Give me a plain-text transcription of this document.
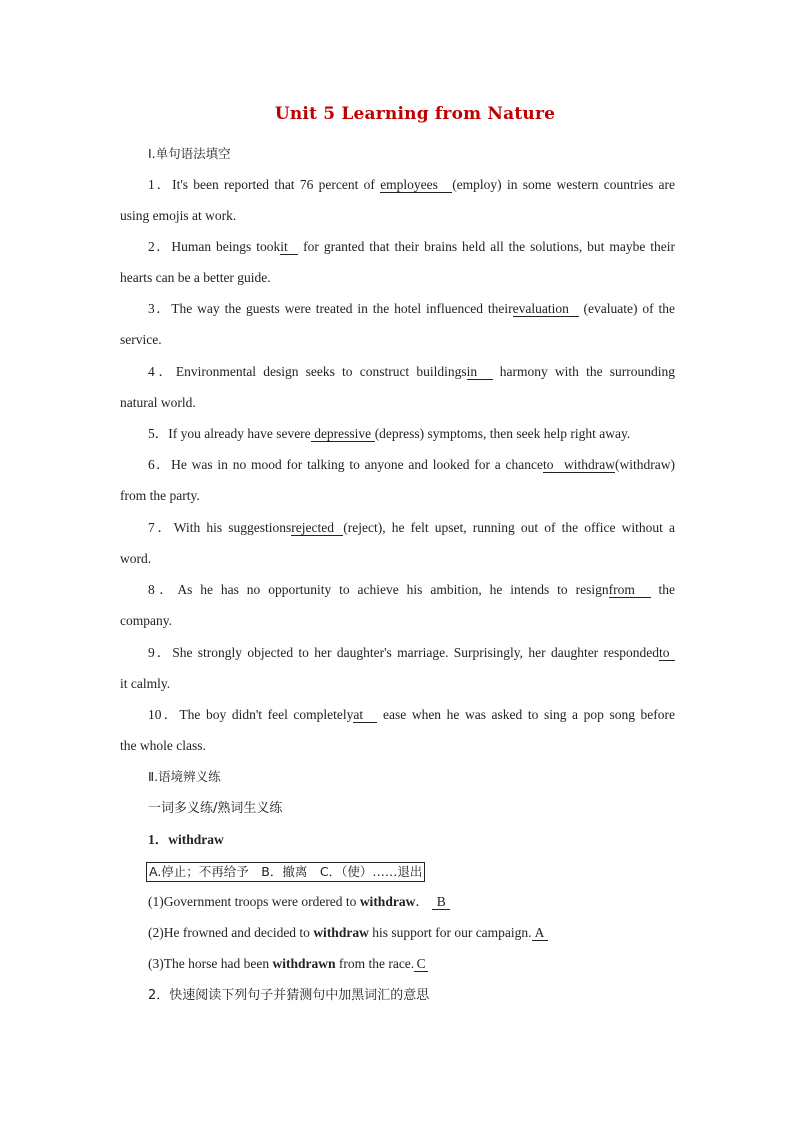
Unit 5 Learning from Nature
Ⅰ.单句语法填空
1．It's been reported that 76 percent of employees (employ) in some western countries are
using emojis at work.
2．Human beings tookit for granted that their brains held all the solutions, but maybe their
hearts can be a better guide.
3．The way the guests were treated in the hotel influenced theirevaluation (evaluate) of the
service.
4．Environmental design seeks to construct buildingsin harmony with the surrounding
natural world.
5．If you already have severe depressive (depress) symptoms, then seek help right away.
6．He was in no mood for talking to anyone and looked for a chanceto withdraw(withdraw)
from the party.
7．With his suggestionsrejected (reject), he felt upset, running out of the office without a
word.
8．As he has no opportunity to achieve his ambition, he intends to resignfrom the
company.
9．She strongly objected to her daughter's marriage. Surprisingly, her daughter respondedto
it calmly.
10．The boy didn't feel completelyat ease when he was asked to sing a pop song before
the whole class.
Ⅱ.语境辨义练
一词多义练/熟词生义练
1．withdraw
A.停止；不再给予　B．撤离　C．（使）……退出
(1)Government troops were ordered to withdraw． B
(2)He frowned and decided to withdraw his support for our campaign. A
(3)The horse had been withdrawn from the race. C
2．快速阅读下列句子并猜测句中加黑词汇的意思
